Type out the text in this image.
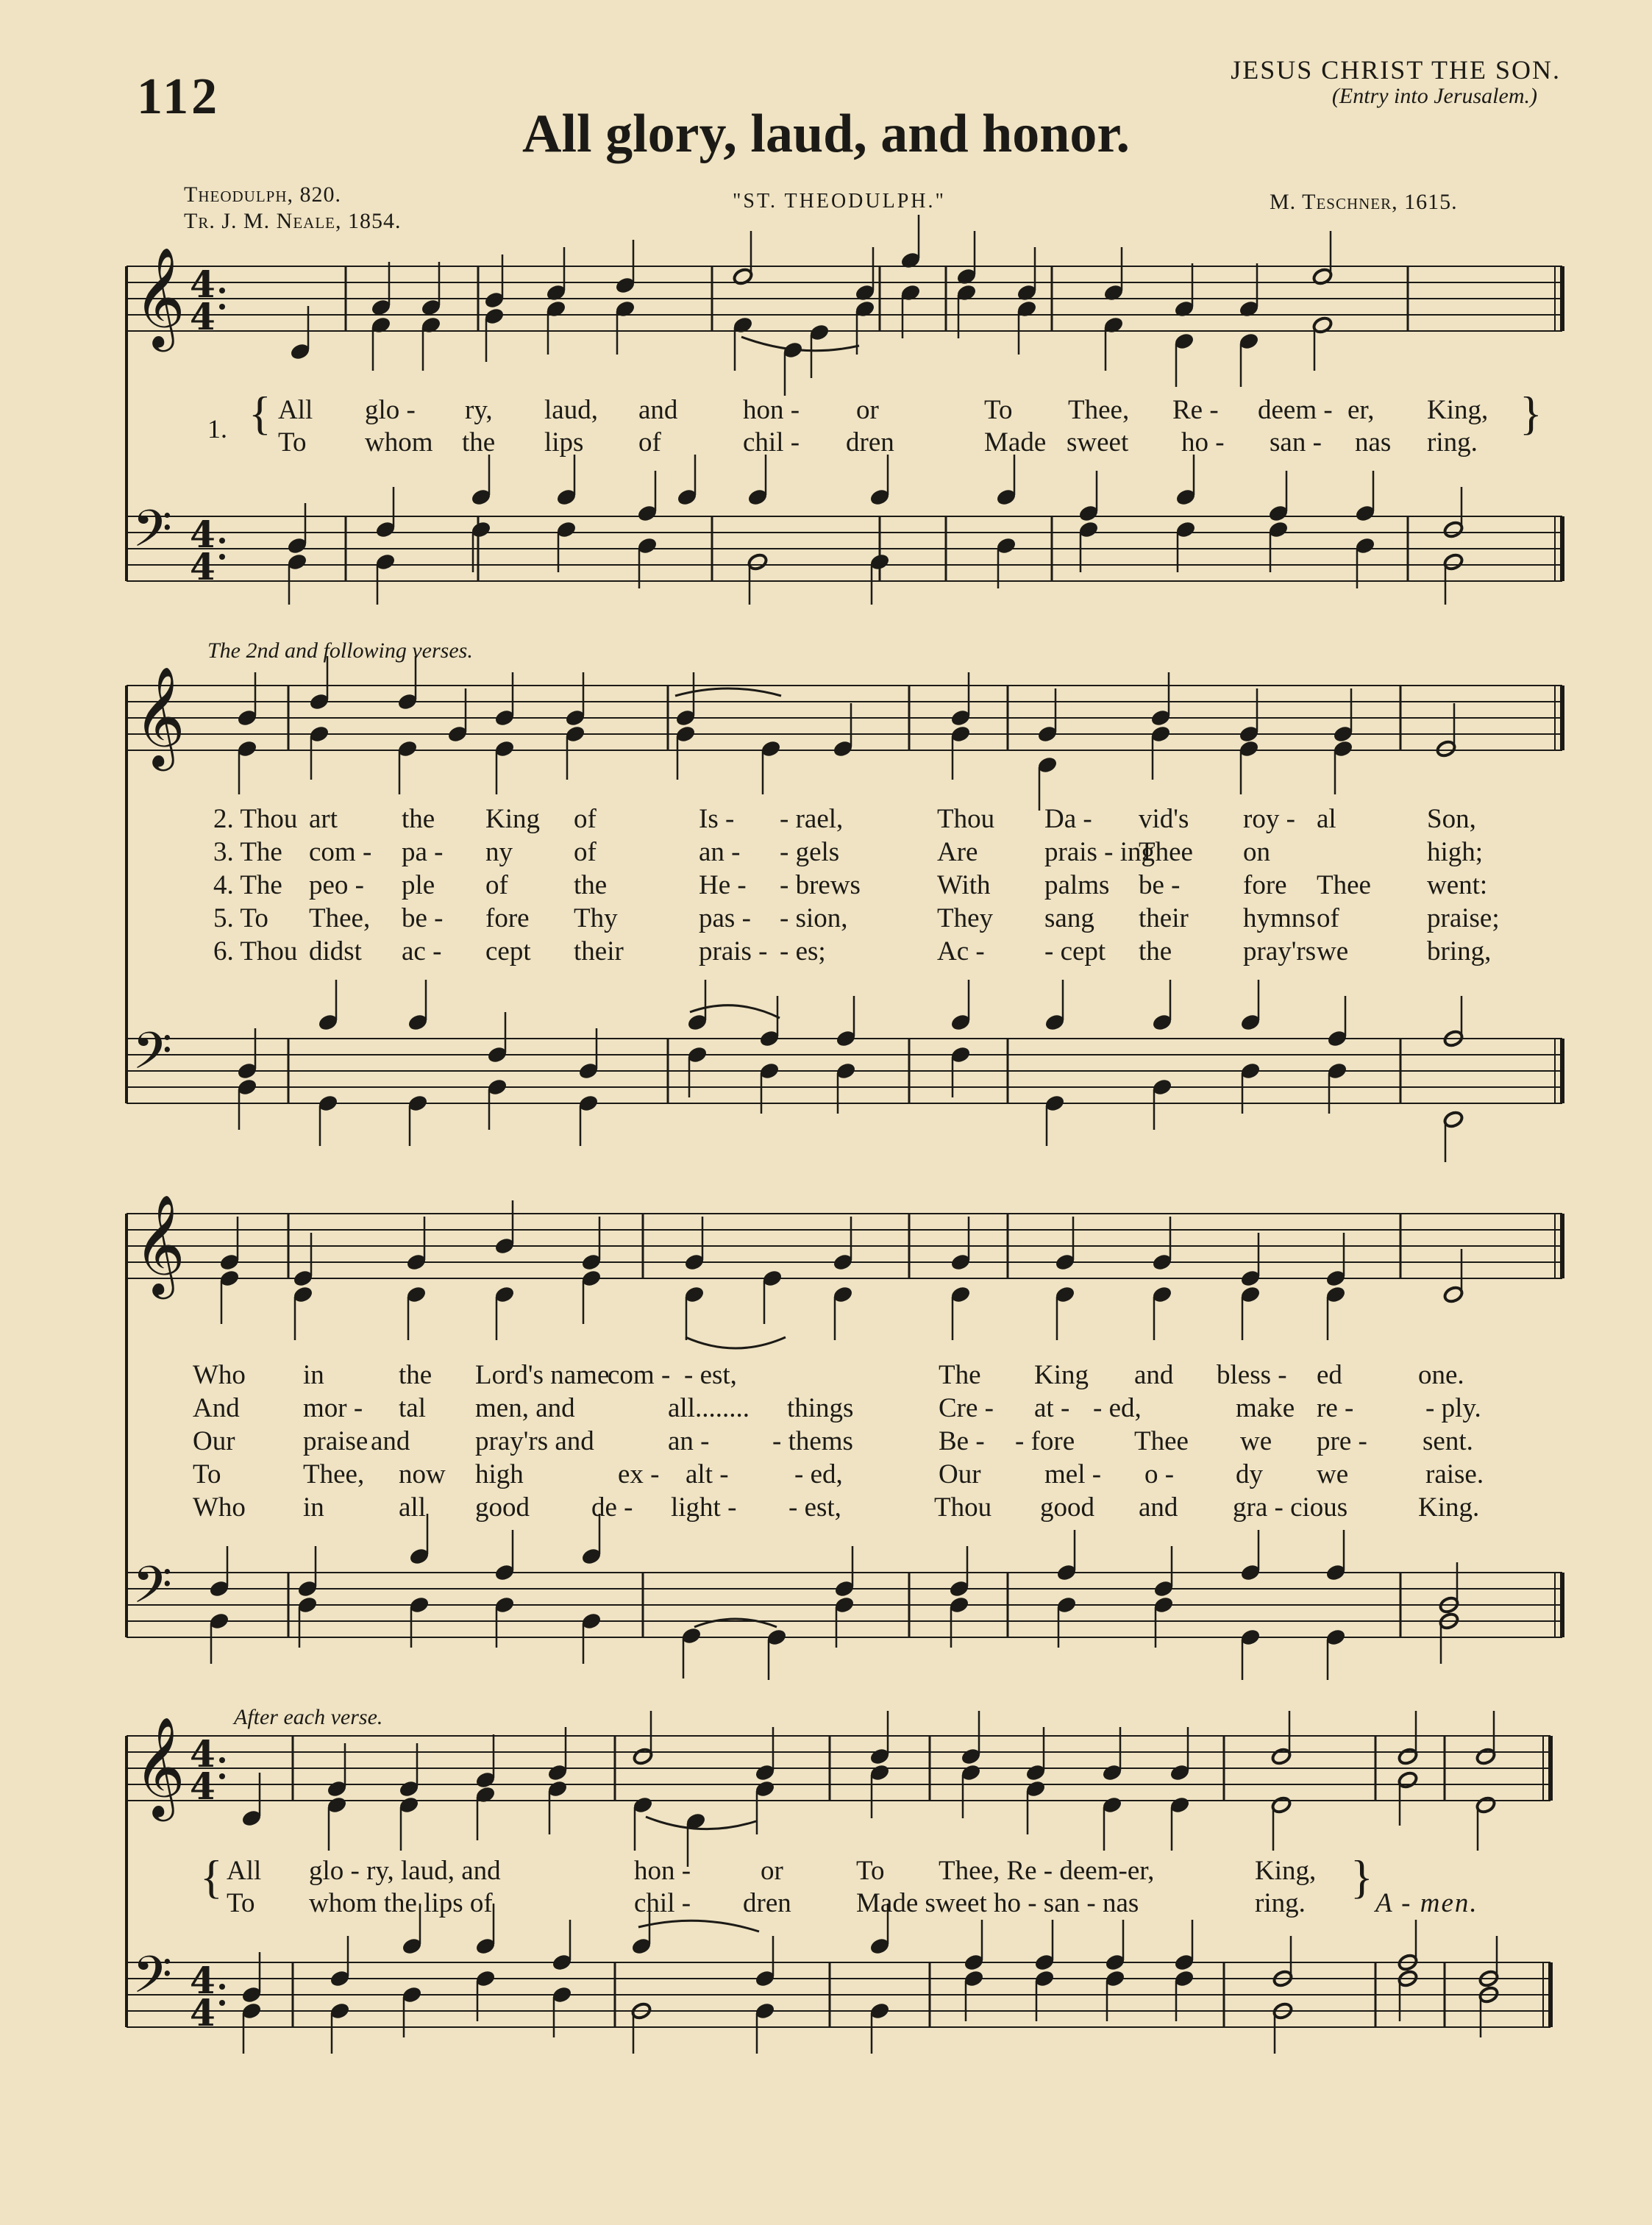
112
All glory, laud, and honor.
JESUS CHRIST THE SON.
(Entry into Jerusalem.)
Theodulph, 820.
Tr. J. M. Neale, 1854.
"ST. THEODULPH."	M. Teschner, 1615.
𝄞
𝄢
4
4
4
4
𝄞
𝄢
𝄞
𝄢
𝄞
𝄢
4
4
4
4
1. {	}
All glo - ry, laud, and hon - or	To Thee, Re - deem - er, King,
To whom the lips of	chil - dren	Made sweet ho - san - nas ring.
The 2nd and following verses.
2. Thou art the King of	Is - - rael,	Thou Da - vid's roy - al	Son,
3. The com - pa - ny of	an - - gels	Are prais - ing
Thee on	high;
4. The peo - ple of the	He - - brews	With palms be - fore Thee went:
5. To Thee, be - fore Thy	pas - - sion,	They sang their hymns of	praise;
6. Thou didst ac - cept their	prais - - es;	Ac - - cept the	pray'rs we	bring,
Who in	the Lord's name
com - - est,	The King and bless - ed	one.
And mor - tal men, and	all........ things	Cre - at - - ed,	make re -	- ply.
Our praise and pray'rs and	an - - thems	Be - - fore Thee we pre - sent.
To	Thee, now high	ex - alt - - ed,	Our mel - o - dy we	raise.
Who in	all good de - light - - est,	Thou good and gra - cious	King.
After each verse.
{	}
All glo - ry, laud, and	hon -	or	To Thee, Re - deem-er,	King,
To whom the lips of	chil - dren Made sweet ho - san - nas	ring.	A - men.
